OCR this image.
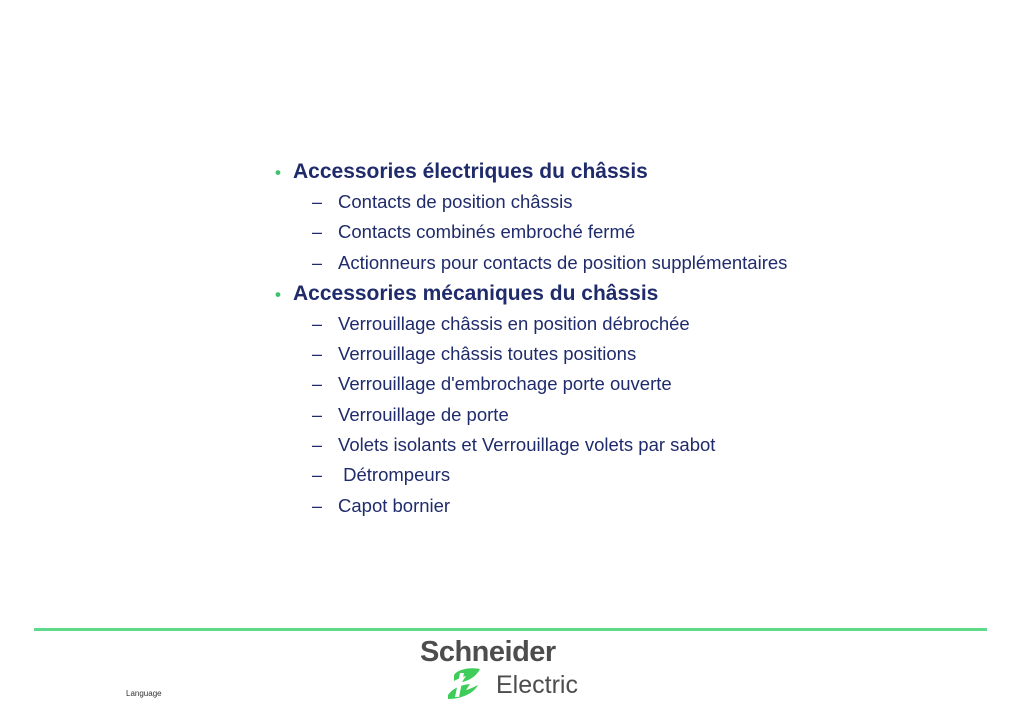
• Accessories électriques du châssis
– Contacts de position châssis
– Contacts combinés embroché fermé
– Actionneurs pour contacts de position supplémentaires
• Accessories mécaniques du châssis
– Verrouillage châssis en position débrochée
– Verrouillage châssis toutes positions
– Verrouillage d'embrochage porte ouverte
– Verrouillage de porte
– Volets isolants et Verrouillage volets par sabot
– Détrompeurs
– Capot bornier
Schneider
Electric
Language
